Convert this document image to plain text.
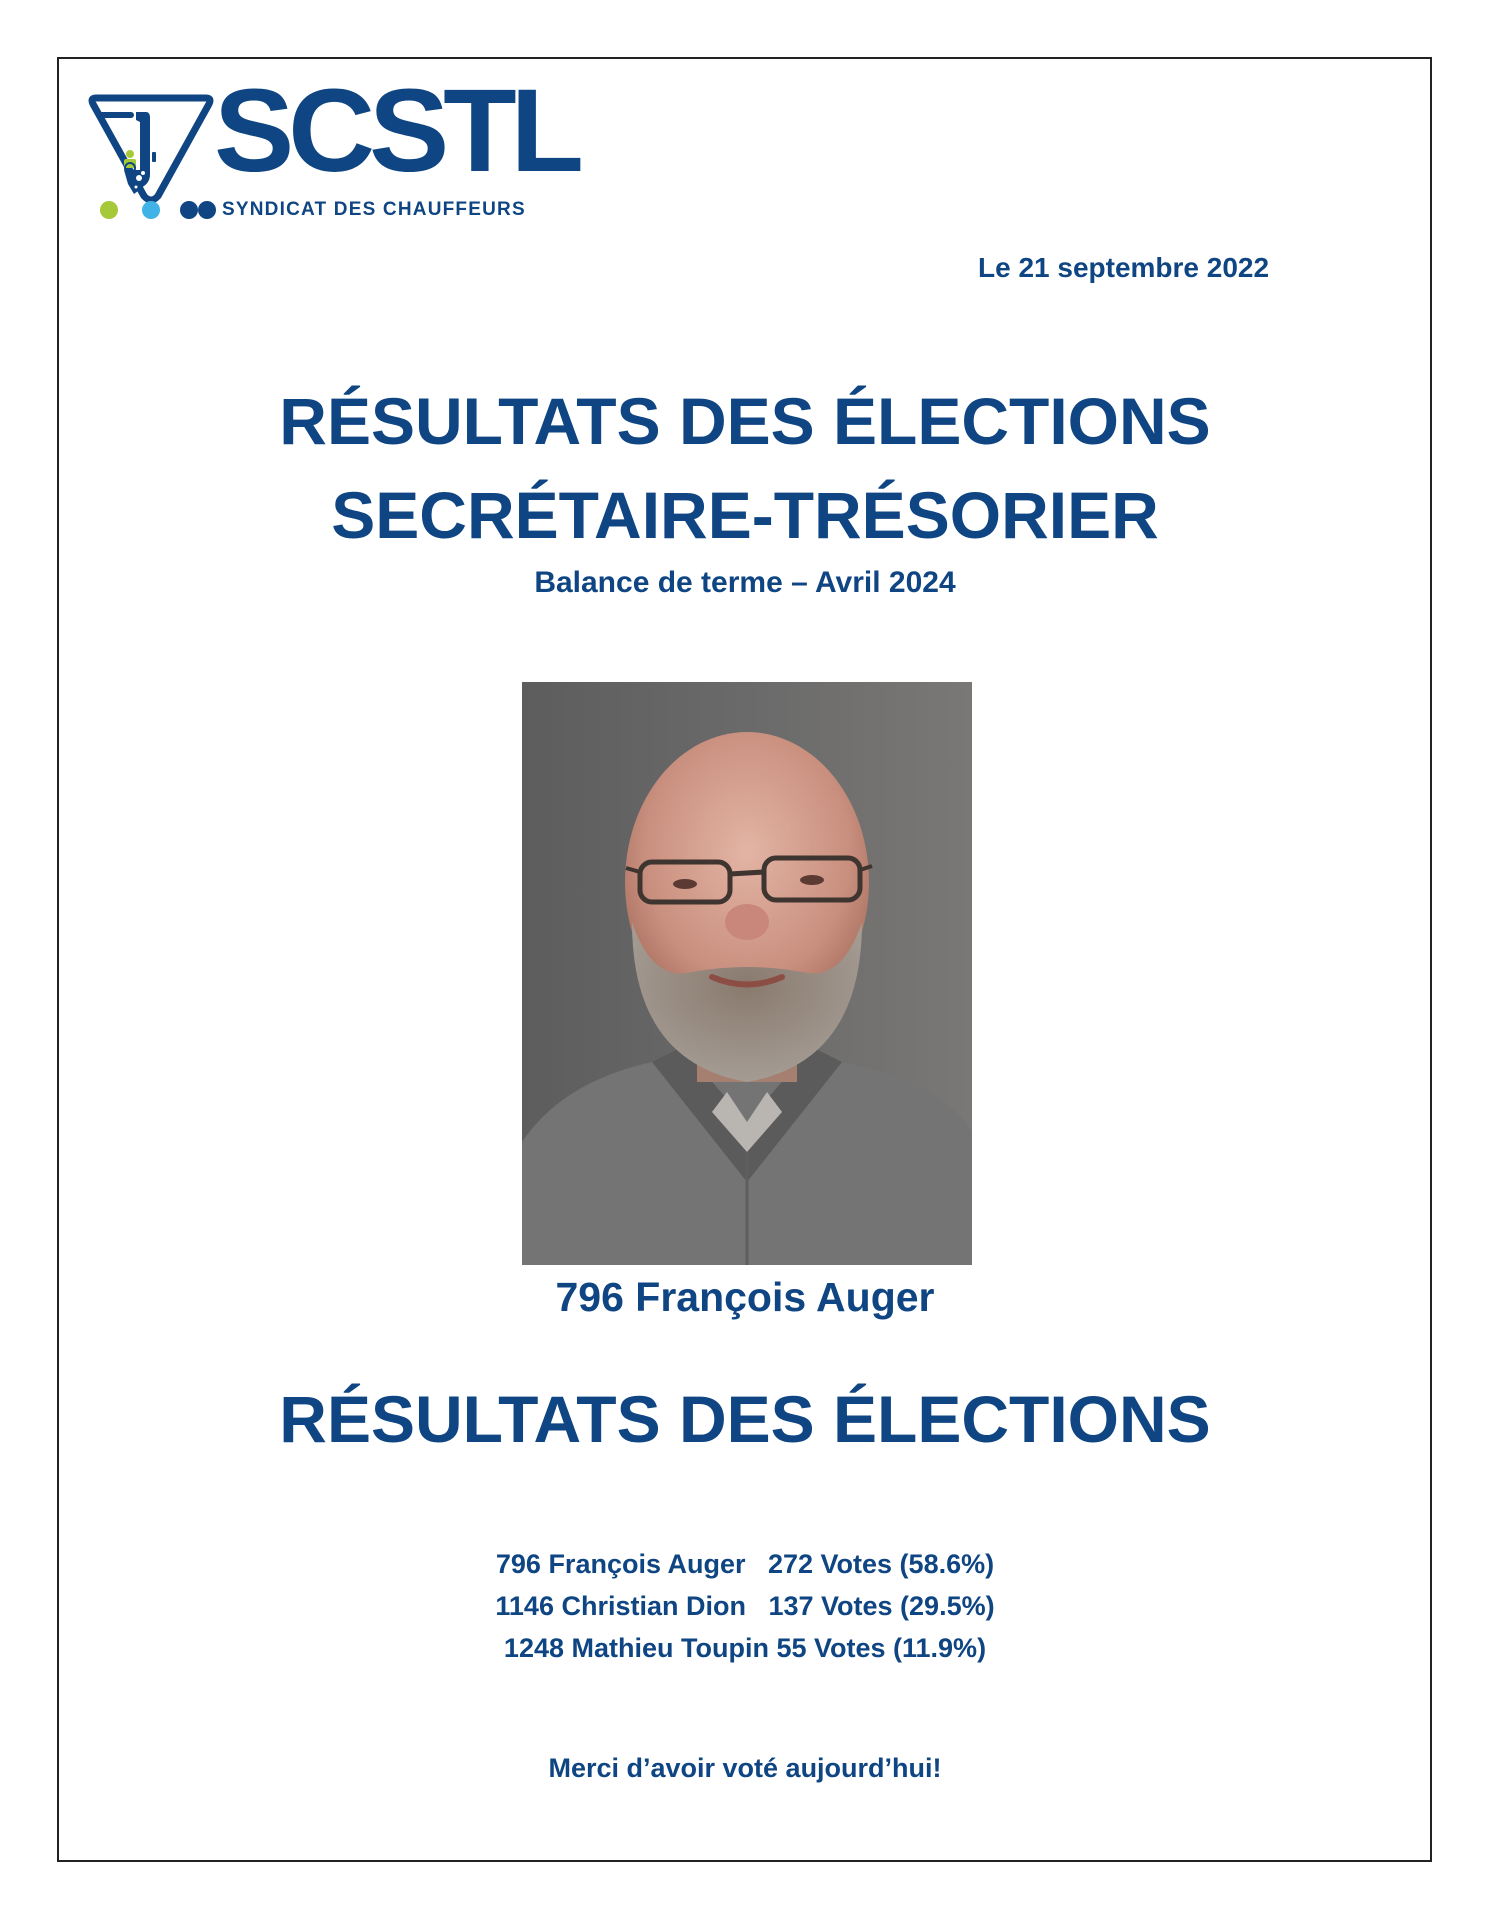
SCSTL
SYNDICAT DES CHAUFFEURS
Le 21 septembre 2022
RÉSULTATS DES ÉLECTIONS
SECRÉTAIRE-TRÉSORIER
Balance de terme – Avril 2024
796 François Auger
RÉSULTATS DES ÉLECTIONS
796 François Auger   272 Votes (58.6%)
1146 Christian Dion   137 Votes (29.5%)
1248 Mathieu Toupin 55 Votes (11.9%)
Merci d’avoir voté aujourd’hui!
